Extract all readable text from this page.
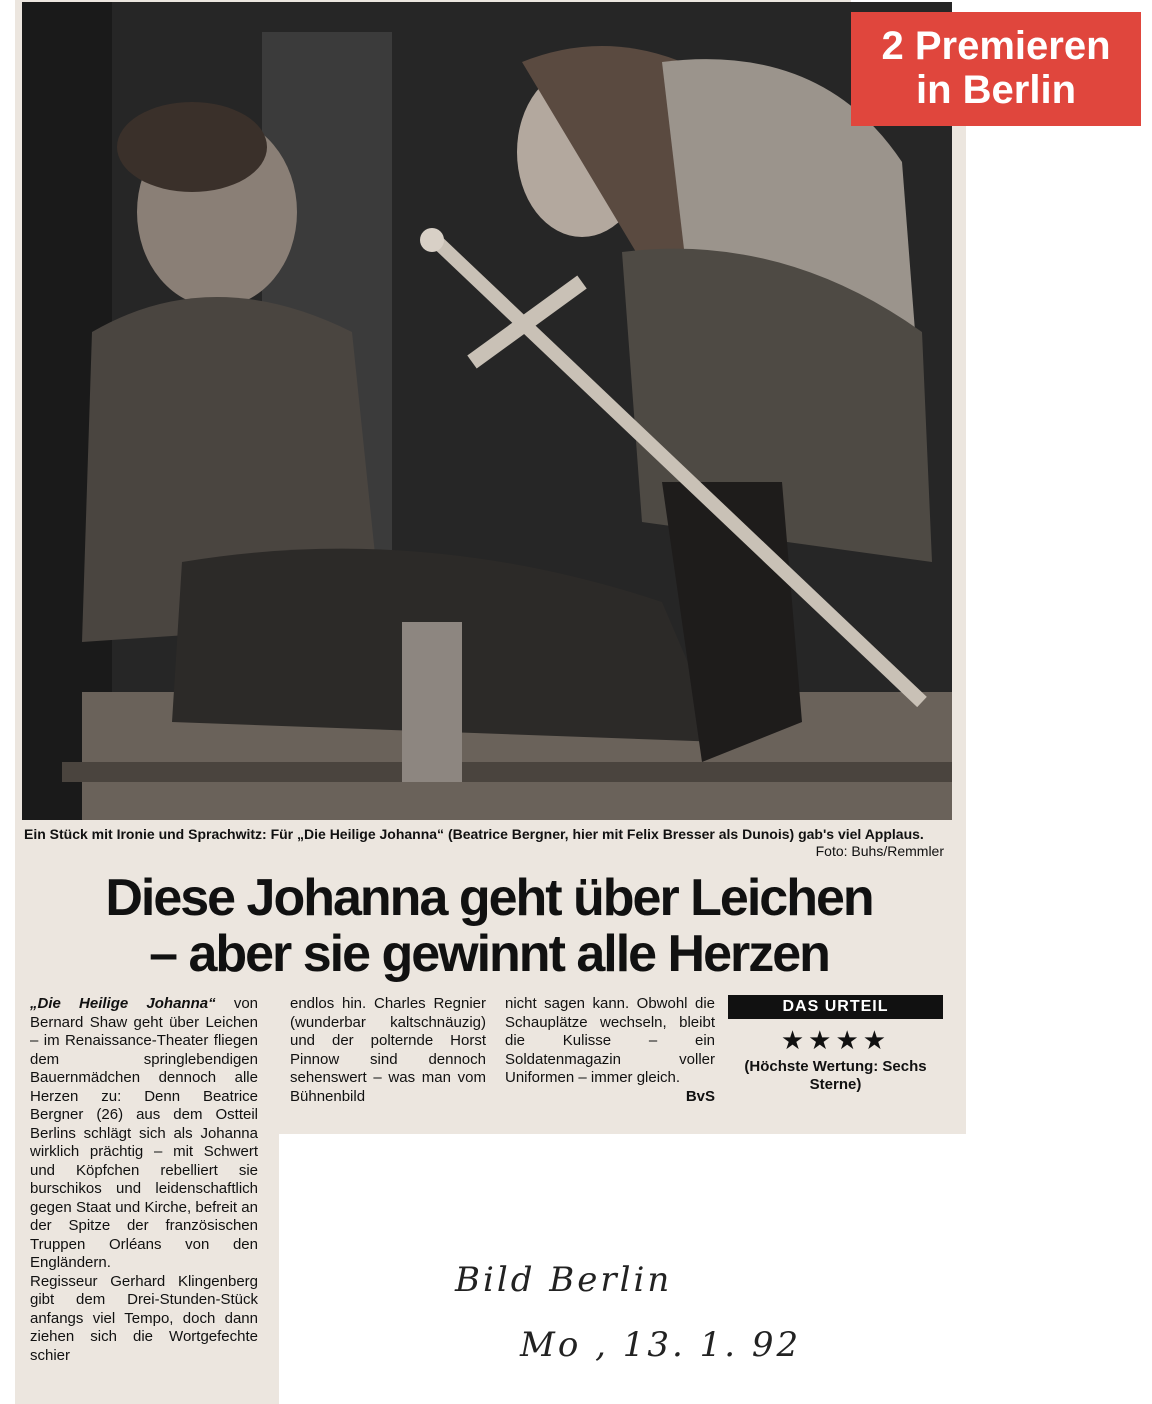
2 Premieren
in Berlin
Ein Stück mit Ironie und Sprachwitz: Für „Die Heilige Johanna“ (Beatrice Bergner, hier mit Felix Bresser als Dunois) gab's viel Applaus.
Foto: Buhs/Remmler
Diese Johanna geht über Leichen
– aber sie gewinnt alle Herzen

„Die Heilige Johanna“ von Bernard Shaw geht über Leichen – im Renaissance-Theater fliegen dem springlebendigen Bauernmädchen dennoch alle Herzen zu: Denn Beatrice Bergner (26) aus dem Ostteil Berlins schlägt sich als Johanna wirklich prächtig – mit Schwert und Köpfchen rebelliert sie burschikos und leidenschaftlich gegen Staat und Kirche, befreit an der Spitze der französischen Truppen Orléans von den Engländern.

Regisseur Gerhard Klingenberg gibt dem Drei-Stunden-Stück anfangs viel Tempo, doch dann ziehen sich die Wortgefechte schier

endlos hin. Charles Regnier (wunderbar kaltschnäuzig) und der polternde Horst Pinnow sind dennoch sehenswert – was man vom Bühnenbild

nicht sagen kann. Obwohl die Schauplätze wechseln, bleibt die Kulisse – ein Soldatenmagazin voller Uniformen – immer gleich.

BvS
DAS URTEIL
★★★★
(Höchste Wertung: Sechs Sterne)
Bild Berlin
Mo , 13. 1. 92
